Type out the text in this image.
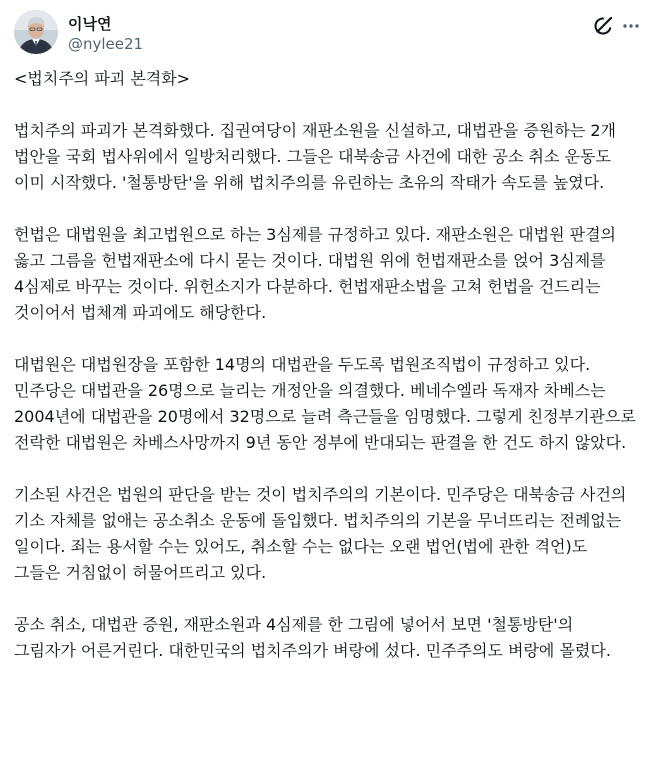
이낙연
@nylee21

<법치주의 파괴 본격화>

법치주의 파괴가 본격화했다. 집권여당이 재판소원을 신설하고, 대법관을 증원하는 2개 법안을 국회 법사위에서 일방처리했다. 그들은 대북송금 사건에 대한 공소 취소 운동도 이미 시작했다. '철통방탄'을 위해 법치주의를 유린하는 초유의 작태가 속도를 높였다.

헌법은 대법원을 최고법원으로 하는 3심제를 규정하고 있다. 재판소원은 대법원 판결의 옳고 그름을 헌법재판소에 다시 묻는 것이다. 대법원 위에 헌법재판소를 얹어 3심제를 4심제로 바꾸는 것이다. 위헌소지가 다분하다. 헌법재판소법을 고쳐 헌법을 건드리는 것이어서 법체계 파괴에도 해당한다.

대법원은 대법원장을 포함한 14명의 대법관을 두도록 법원조직법이 규정하고 있다. 민주당은 대법관을 26명으로 늘리는 개정안을 의결했다. 베네수엘라 독재자 차베스는 2004년에 대법관을 20명에서 32명으로 늘려 측근들을 임명했다. 그렇게 친정부기관으로 전락한 대법원은 차베스사망까지 9년 동안 정부에 반대되는 판결을 한 건도 하지 않았다.

기소된 사건은 법원의 판단을 받는 것이 법치주의의 기본이다. 민주당은 대북송금 사건의 기소 자체를 없애는 공소취소 운동에 돌입했다. 법치주의의 기본을 무너뜨리는 전례없는 일이다. 죄는 용서할 수는 있어도, 취소할 수는 없다는 오랜 법언(법에 관한 격언)도 그들은 거침없이 허물어뜨리고 있다.

공소 취소, 대법관 증원, 재판소원과 4심제를 한 그림에 넣어서 보면 '철통방탄'의 그림자가 어른거린다. 대한민국의 법치주의가 벼랑에 섰다. 민주주의도 벼랑에 몰렸다.
